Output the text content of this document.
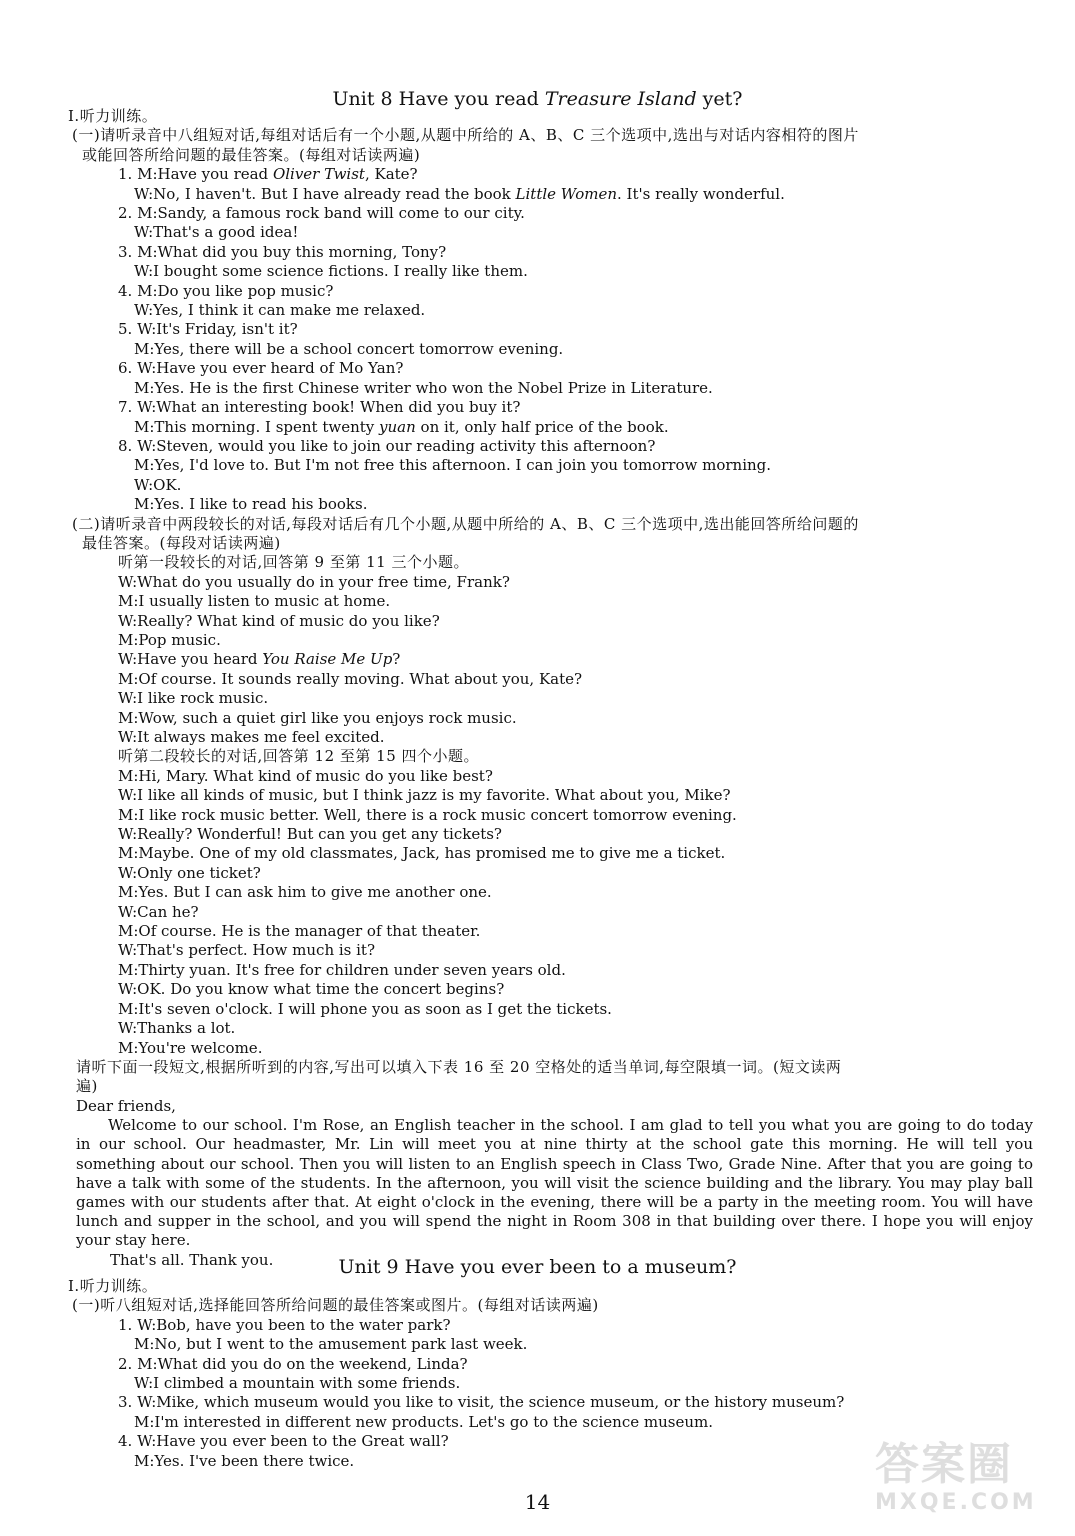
Unit 8 Have you read Treasure Island yet?
Ⅰ.听力训练。
(一)请听录音中八组短对话,每组对话后有一个小题,从题中所给的 A、B、C 三个选项中,选出与对话内容相符的图片
或能回答所给问题的最佳答案。(每组对话读两遍)
1. M:Have you read Oliver Twist, Kate?
W:No, I haven't. But I have already read the book Little Women. It's really wonderful.
2. M:Sandy, a famous rock band will come to our city.
W:That's a good idea!
3. M:What did you buy this morning, Tony?
W:I bought some science fictions. I really like them.
4. M:Do you like pop music?
W:Yes, I think it can make me relaxed.
5. W:It's Friday, isn't it?
M:Yes, there will be a school concert tomorrow evening.
6. W:Have you ever heard of Mo Yan?
M:Yes. He is the first Chinese writer who won the Nobel Prize in Literature.
7. W:What an interesting book! When did you buy it?
M:This morning. I spent twenty yuan on it, only half price of the book.
8. W:Steven, would you like to join our reading activity this afternoon?
M:Yes, I'd love to. But I'm not free this afternoon. I can join you tomorrow morning.
W:OK.
M:Yes. I like to read his books.
(二)请听录音中两段较长的对话,每段对话后有几个小题,从题中所给的 A、B、C 三个选项中,选出能回答所给问题的
最佳答案。(每段对话读两遍)
听第一段较长的对话,回答第 9 至第 11 三个小题。
W:What do you usually do in your free time, Frank?
M:I usually listen to music at home.
W:Really? What kind of music do you like?
M:Pop music.
W:Have you heard You Raise Me Up?
M:Of course. It sounds really moving. What about you, Kate?
W:I like rock music.
M:Wow, such a quiet girl like you enjoys rock music.
W:It always makes me feel excited.
听第二段较长的对话,回答第 12 至第 15 四个小题。
M:Hi, Mary. What kind of music do you like best?
W:I like all kinds of music, but I think jazz is my favorite. What about you, Mike?
M:I like rock music better. Well, there is a rock music concert tomorrow evening.
W:Really? Wonderful! But can you get any tickets?
M:Maybe. One of my old classmates, Jack, has promised me to give me a ticket.
W:Only one ticket?
M:Yes. But I can ask him to give me another one.
W:Can he?
M:Of course. He is the manager of that theater.
W:That's perfect. How much is it?
M:Thirty yuan. It's free for children under seven years old.
W:OK. Do you know what time the concert begins?
M:It's seven o'clock. I will phone you as soon as I get the tickets.
W:Thanks a lot.
M:You're welcome.
请听下面一段短文,根据所听到的内容,写出可以填入下表 16 至 20 空格处的适当单词,每空限填一词。(短文读两
遍)
Dear friends,
Welcome to our school. I'm Rose, an English teacher in the school. I am glad to tell you what you are going to do today in our school. Our headmaster, Mr. Lin will meet you at nine thirty at the school gate this morning. He will tell you something about our school. Then you will listen to an English speech in Class Two, Grade Nine. After that you are going to have a talk with some of the students. In the afternoon, you will visit the science building and the library. You may play ball games with our students after that. At eight o'clock in the evening, there will be a party in the meeting room. You will have lunch and supper in the school, and you will spend the night in Room 308 in that building over there. I hope you will enjoy your stay here.
That's all. Thank you.	Unit 9 Have you ever been to a museum?
Ⅰ.听力训练。
(一)听八组短对话,选择能回答所给问题的最佳答案或图片。(每组对话读两遍)
1. W:Bob, have you been to the water park?
M:No, but I went to the amusement park last week.
2. M:What did you do on the weekend, Linda?
W:I climbed a mountain with some friends.
3. W:Mike, which museum would you like to visit, the science museum, or the history museum?
M:I'm interested in different new products. Let's go to the science museum.
4. W:Have you ever been to the Great wall?
M:Yes. I've been there twice.
14
答案圈
MXQE.COM
